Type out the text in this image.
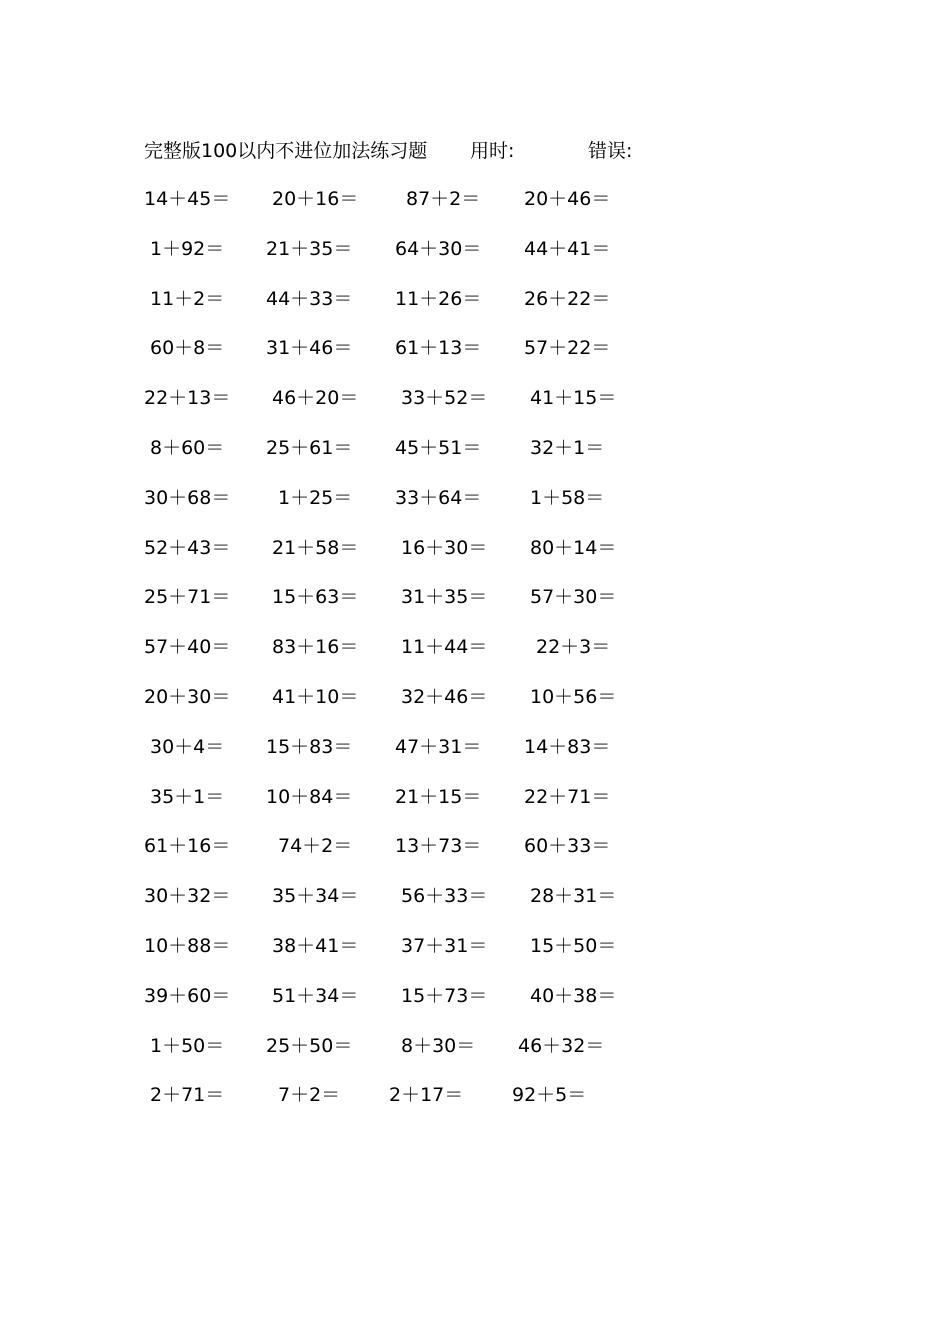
完整版100以内不进位加法练习题 用时:	错误:
14＋45＝ 20＋16＝	87＋2＝ 20＋46＝
1＋92＝ 21＋35＝ 64＋30＝ 44＋41＝
11＋2＝ 44＋33＝ 11＋26＝ 26＋22＝
60＋8＝ 31＋46＝ 61＋13＝ 57＋22＝
22＋13＝ 46＋20＝ 33＋52＝ 41＋15＝
8＋60＝ 25＋61＝ 45＋51＝	32＋1＝
30＋68＝	1＋25＝ 33＋64＝	1＋58＝
52＋43＝ 21＋58＝ 16＋30＝ 80＋14＝
25＋71＝ 15＋63＝ 31＋35＝ 57＋30＝
57＋40＝ 83＋16＝ 11＋44＝	22＋3＝
20＋30＝ 41＋10＝ 32＋46＝ 10＋56＝
30＋4＝ 15＋83＝ 47＋31＝ 14＋83＝
35＋1＝ 10＋84＝ 21＋15＝ 22＋71＝
61＋16＝	74＋2＝ 13＋73＝ 60＋33＝
30＋32＝ 35＋34＝ 56＋33＝ 28＋31＝
10＋88＝ 38＋41＝ 37＋31＝ 15＋50＝
39＋60＝ 51＋34＝ 15＋73＝ 40＋38＝
1＋50＝ 25＋50＝	8＋30＝ 46＋32＝
2＋71＝	7＋2＝	2＋17＝	92＋5＝
